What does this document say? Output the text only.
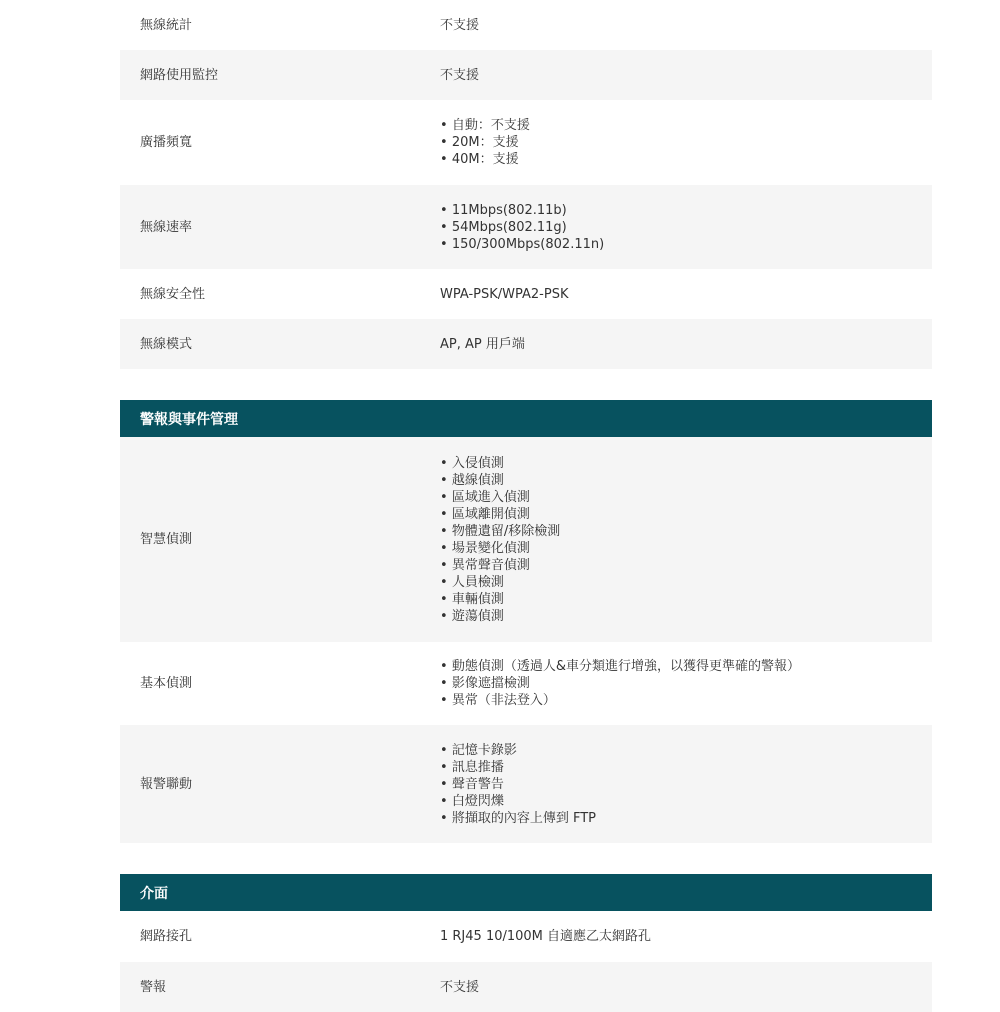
無線統計	不支援
網路使用監控	不支援
廣播頻寬
• 自動：不支援
• 20M：支援
• 40M：支援
無線速率
• 11Mbps(802.11b)
• 54Mbps(802.11g)
• 150/300Mbps(802.11n)
無線安全性	WPA-PSK/WPA2-PSK
無線模式	AP, AP 用戶端
警報與事件管理
智慧偵測
• 入侵偵測
• 越線偵測
• 區域進入偵測
• 區域離開偵測
• 物體遺留/移除檢測
• 場景變化偵測
• 異常聲音偵測
• 人員檢測
• 車輛偵測
• 遊蕩偵測
基本偵測
• 動態偵測（透過人&車分類進行增強，以獲得更準確的警報）
• 影像遮擋檢測
• 異常（非法登入）
報警聯動
• 記憶卡錄影
• 訊息推播
• 聲音警告
• 白燈閃爍
• 將擷取的內容上傳到 FTP
介面
網路接孔	1 RJ45 10/100M 自適應乙太網路孔
警報	不支援
